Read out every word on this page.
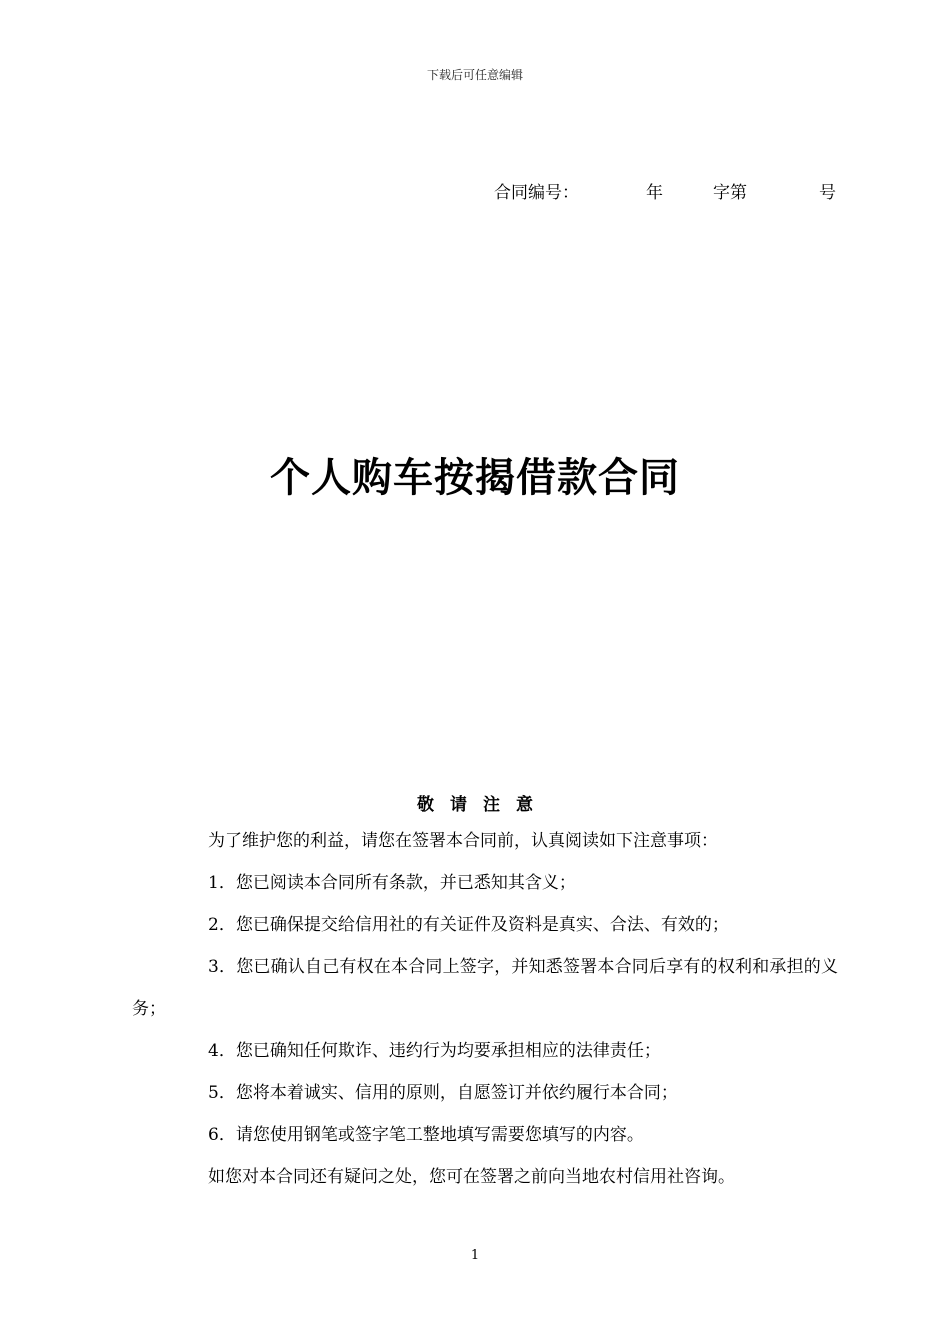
下载后可任意编辑
合同编号：	年	字第	号
个人购车按揭借款合同
敬请注意

为了维护您的利益，请您在签署本合同前，认真阅读如下注意事项：

1．您已阅读本合同所有条款，并已悉知其含义；

2．您已确保提交给信用社的有关证件及资料是真实、合法、有效的；

3．您已确认自己有权在本合同上签字，并知悉签署本合同后享有的权利和承担的义务；

4．您已确知任何欺诈、违约行为均要承担相应的法律责任；

5．您将本着诚实、信用的原则，自愿签订并依约履行本合同；

6．请您使用钢笔或签字笔工整地填写需要您填写的内容。

如您对本合同还有疑问之处，您可在签署之前向当地农村信用社咨询。

1
